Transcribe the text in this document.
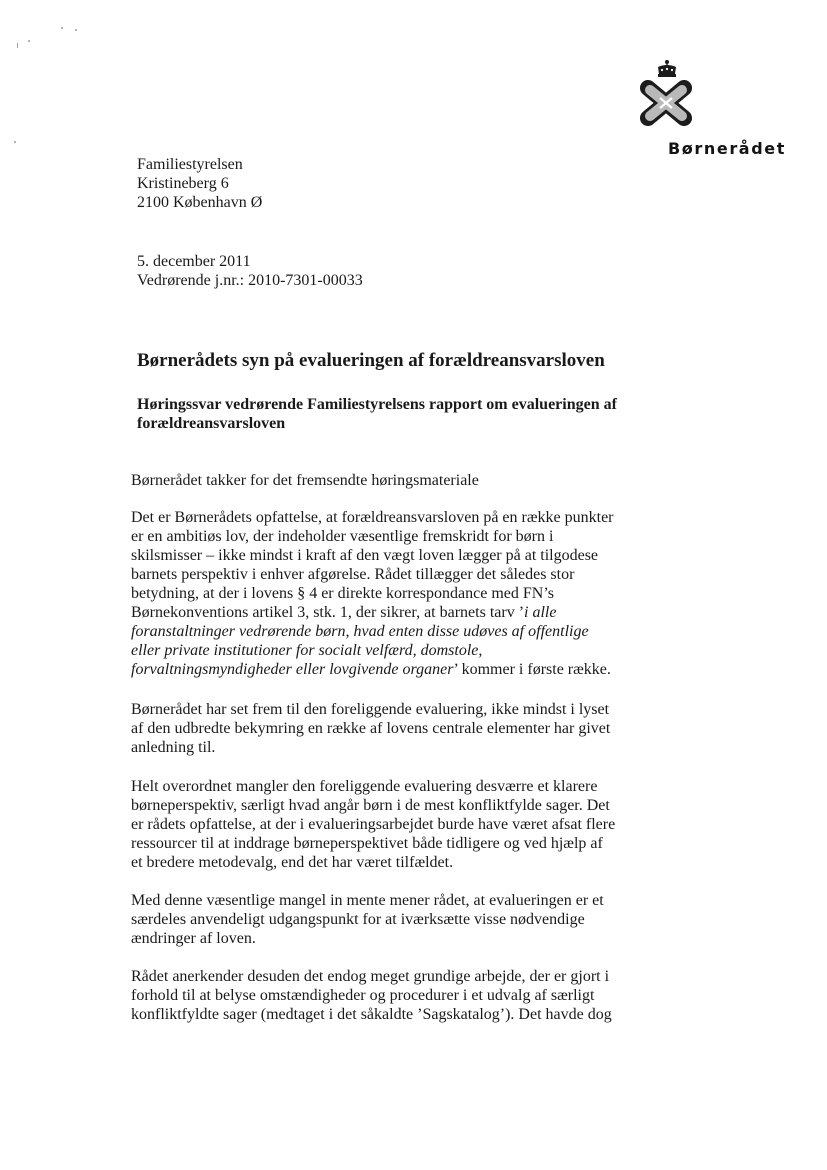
Børnerådet
Familiestyrelsen
Kristineberg 6
2100 København Ø
5. december 2011
Vedrørende j.nr.: 2010-7301-00033
Børnerådets syn på evalueringen af forældreansvarsloven
Høringssvar vedrørende Familiestyrelsens rapport om evalueringen af
forældreansvarsloven
Børnerådet takker for det fremsendte høringsmateriale
Det er Børnerådets opfattelse, at forældreansvarsloven på en række punkter
er en ambitiøs lov, der indeholder væsentlige fremskridt for børn i
skilsmisser – ikke mindst i kraft af den vægt loven lægger på at tilgodese
barnets perspektiv i enhver afgørelse. Rådet tillægger det således stor
betydning, at der i lovens § 4 er direkte korrespondance med FN’s
Børnekonventions artikel 3, stk. 1, der sikrer, at barnets tarv ’i alle
foranstaltninger vedrørende børn, hvad enten disse udøves af offentlige
eller private institutioner for socialt velfærd, domstole,
forvaltningsmyndigheder eller lovgivende organer’ kommer i første række.
Børnerådet har set frem til den foreliggende evaluering, ikke mindst i lyset
af den udbredte bekymring en række af lovens centrale elementer har givet
anledning til.
Helt overordnet mangler den foreliggende evaluering desværre et klarere
børneperspektiv, særligt hvad angår børn i de mest konfliktfylde sager. Det
er rådets opfattelse, at der i evalueringsarbejdet burde have været afsat flere
ressourcer til at inddrage børneperspektivet både tidligere og ved hjælp af
et bredere metodevalg, end det har været tilfældet.
Med denne væsentlige mangel in mente mener rådet, at evalueringen er et
særdeles anvendeligt udgangspunkt for at iværksætte visse nødvendige
ændringer af loven.
Rådet anerkender desuden det endog meget grundige arbejde, der er gjort i
forhold til at belyse omstændigheder og procedurer i et udvalg af særligt
konfliktfyldte sager (medtaget i det såkaldte ’Sagskatalog’). Det havde dog
